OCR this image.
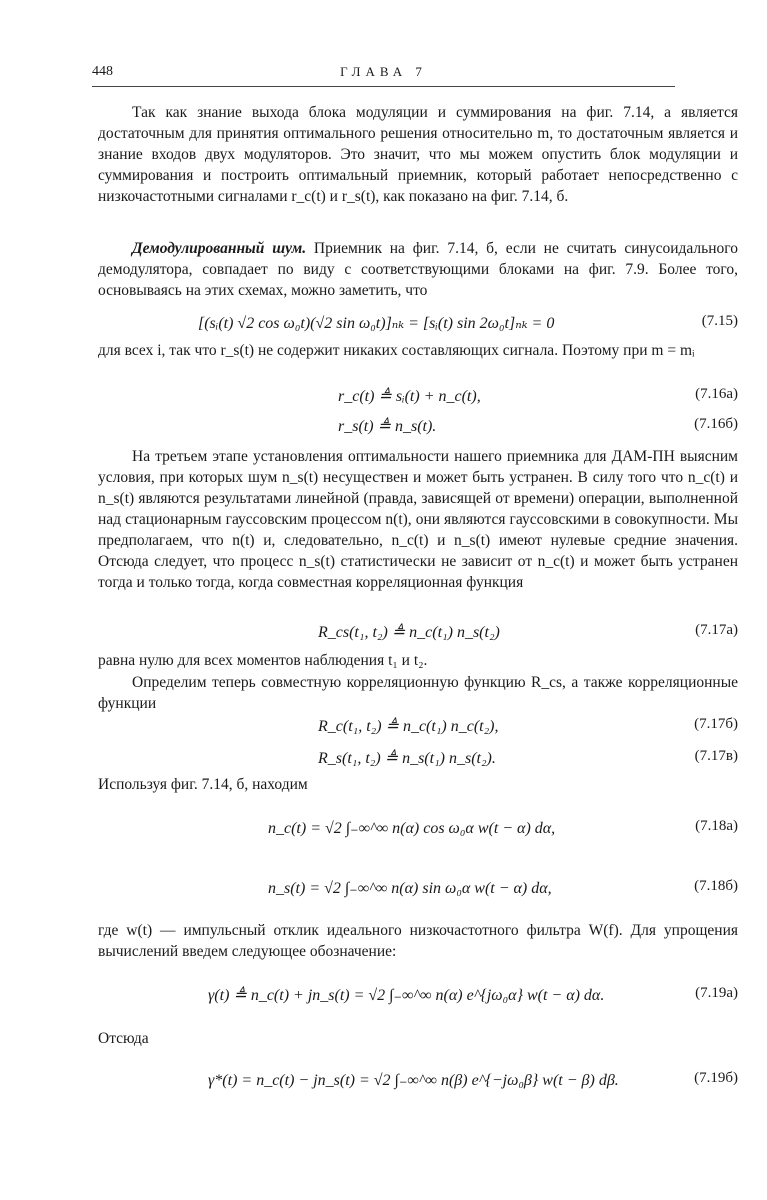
448	ГЛАВА 7
Так как знание выхода блока модуляции и суммирования на фиг. 7.14, а является достаточным для принятия оптимального решения относительно m, то достаточным является и знание входов двух модуляторов. Это значит, что мы можем опустить блок модуляции и суммирования и построить оптимальный приемник, который работает непосредственно с низкочастотными сигналами r_c(t) и r_s(t), как показано на фиг. 7.14, б.
Демодулированный шум. Приемник на фиг. 7.14, б, если не считать синусоидального демодулятора, совпадает по виду с соответствующими блоками на фиг. 7.9. Более того, основываясь на этих схемах, можно заметить, что
[(sᵢ(t) √2 cos ω₀t)(√2 sin ω₀t)]ₙₖ = [sᵢ(t) sin 2ω₀t]ₙₖ = 0	(7.15)
для всех i, так что r_s(t) не содержит никаких составляющих сигнала. Поэтому при m = mᵢ
r_c(t) ≜ sᵢ(t) + n_c(t),	(7.16а)
r_s(t) ≜ n_s(t).	(7.16б)
На третьем этапе установления оптимальности нашего приемника для ДАМ-ПН выясним условия, при которых шум n_s(t) несуществен и может быть устранен. В силу того что n_c(t) и n_s(t) являются результатами линейной (правда, зависящей от времени) операции, выполненной над стационарным гауссовским процессом n(t), они являются гауссовскими в совокупности. Мы предполагаем, что n(t) и, следовательно, n_c(t) и n_s(t) имеют нулевые средние значения. Отсюда следует, что процесс n_s(t) статистически не зависит от n_c(t) и может быть устранен тогда и только тогда, когда совместная корреляционная функция
R_cs(t₁, t₂) ≜ n_c(t₁) n_s(t₂)	(7.17а)
равна нулю для всех моментов наблюдения t₁ и t₂.
Определим теперь совместную корреляционную функцию R_cs, а также корреляционные функции
R_c(t₁, t₂) ≜ n_c(t₁) n_c(t₂),	(7.17б)
R_s(t₁, t₂) ≜ n_s(t₁) n_s(t₂).	(7.17в)
Используя фиг. 7.14, б, находим
n_c(t) = √2 ∫₋∞^∞ n(α) cos ω₀α w(t − α) dα,	(7.18а)
n_s(t) = √2 ∫₋∞^∞ n(α) sin ω₀α w(t − α) dα,	(7.18б)
где w(t) — импульсный отклик идеального низкочастотного фильтра W(f). Для упрощения вычислений введем следующее обозначение:
γ(t) ≜ n_c(t) + jn_s(t) = √2 ∫₋∞^∞ n(α) e^{jω₀α} w(t − α) dα.	(7.19а)
Отсюда
γ*(t) = n_c(t) − jn_s(t) = √2 ∫₋∞^∞ n(β) e^{−jω₀β} w(t − β) dβ.	(7.19б)
